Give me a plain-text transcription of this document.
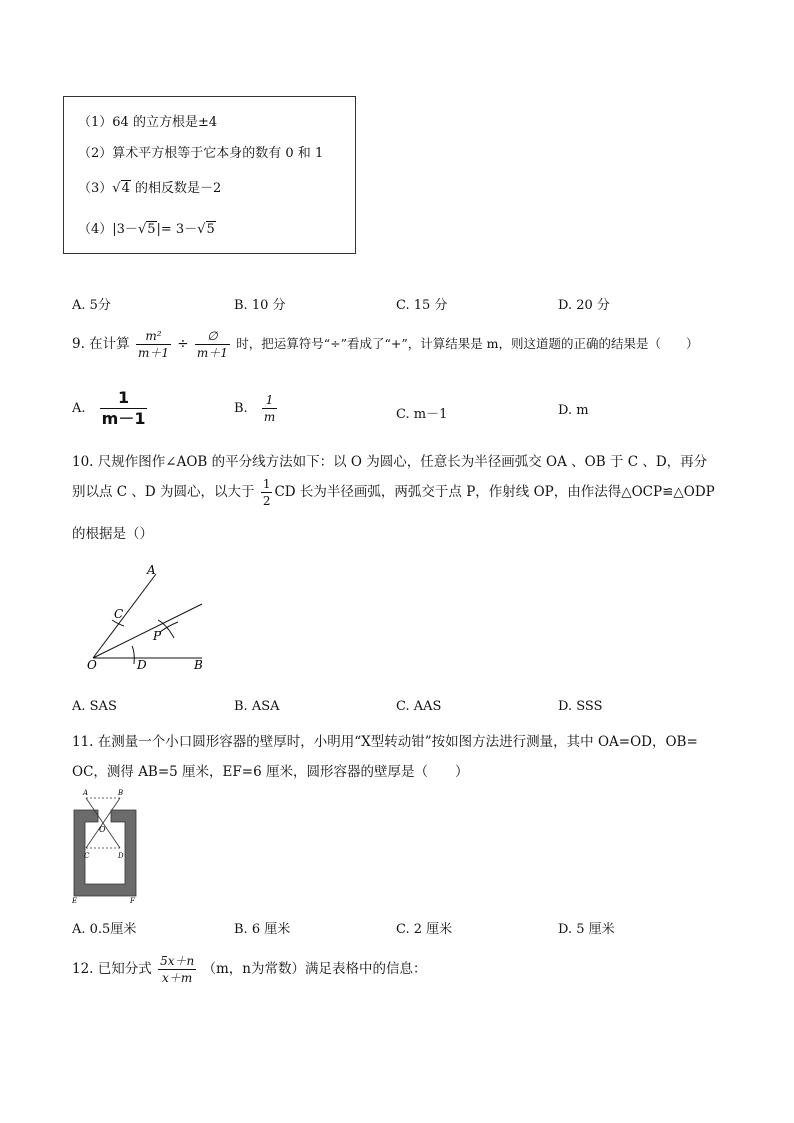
（1）64 的立方根是±4
（2）算术平方根等于它本身的数有 0 和 1
（3）√4 的相反数是－2
（4）|3－√5|= 3－√5
A. 5分	B. 10 分	C. 15 分	D. 20 分
9. 在计算 $\frac{\text{m²}}{m+1} \div \frac{\emptyset}{m+1}$ 时，把运算符号“÷”看成了“+”，计算结果是 m，则这道题的正确的结果是（　　）
A. $\frac{1}{m-1}$	B. $\frac{1}{m}$	C. m－1	D. m
10. 尺规作图作∠AOB 的平分线方法如下：以 O 为圆心，任意长为半径画弧交 OA 、OB 于 C 、D，再分
别以点 C 、D 为圆心，以大于 $\frac{1}{2}$ CD 长为半径画弧，两弧交于点 P，作射线 OP，由作法得△OCP≌△ODP
的根据是（）
A
C
P
O	D	B
A. SAS	B. ASA	C. AAS	D. SSS
11. 在测量一个小口圆形容器的壁厚时，小明用“X型转动钳”按如图方法进行测量，其中 OA=OD，OB=
OC，测得 AB=5 厘米，EF=6 厘米，圆形容器的壁厚是（　　）
A	B
O
C	D
E	F
A. 0.5厘米	B. 6 厘米	C. 2 厘米	D. 5 厘米
12. 已知分式 $\frac{5x+n}{x+m} (m$，n为常数）满足表格中的信息：
